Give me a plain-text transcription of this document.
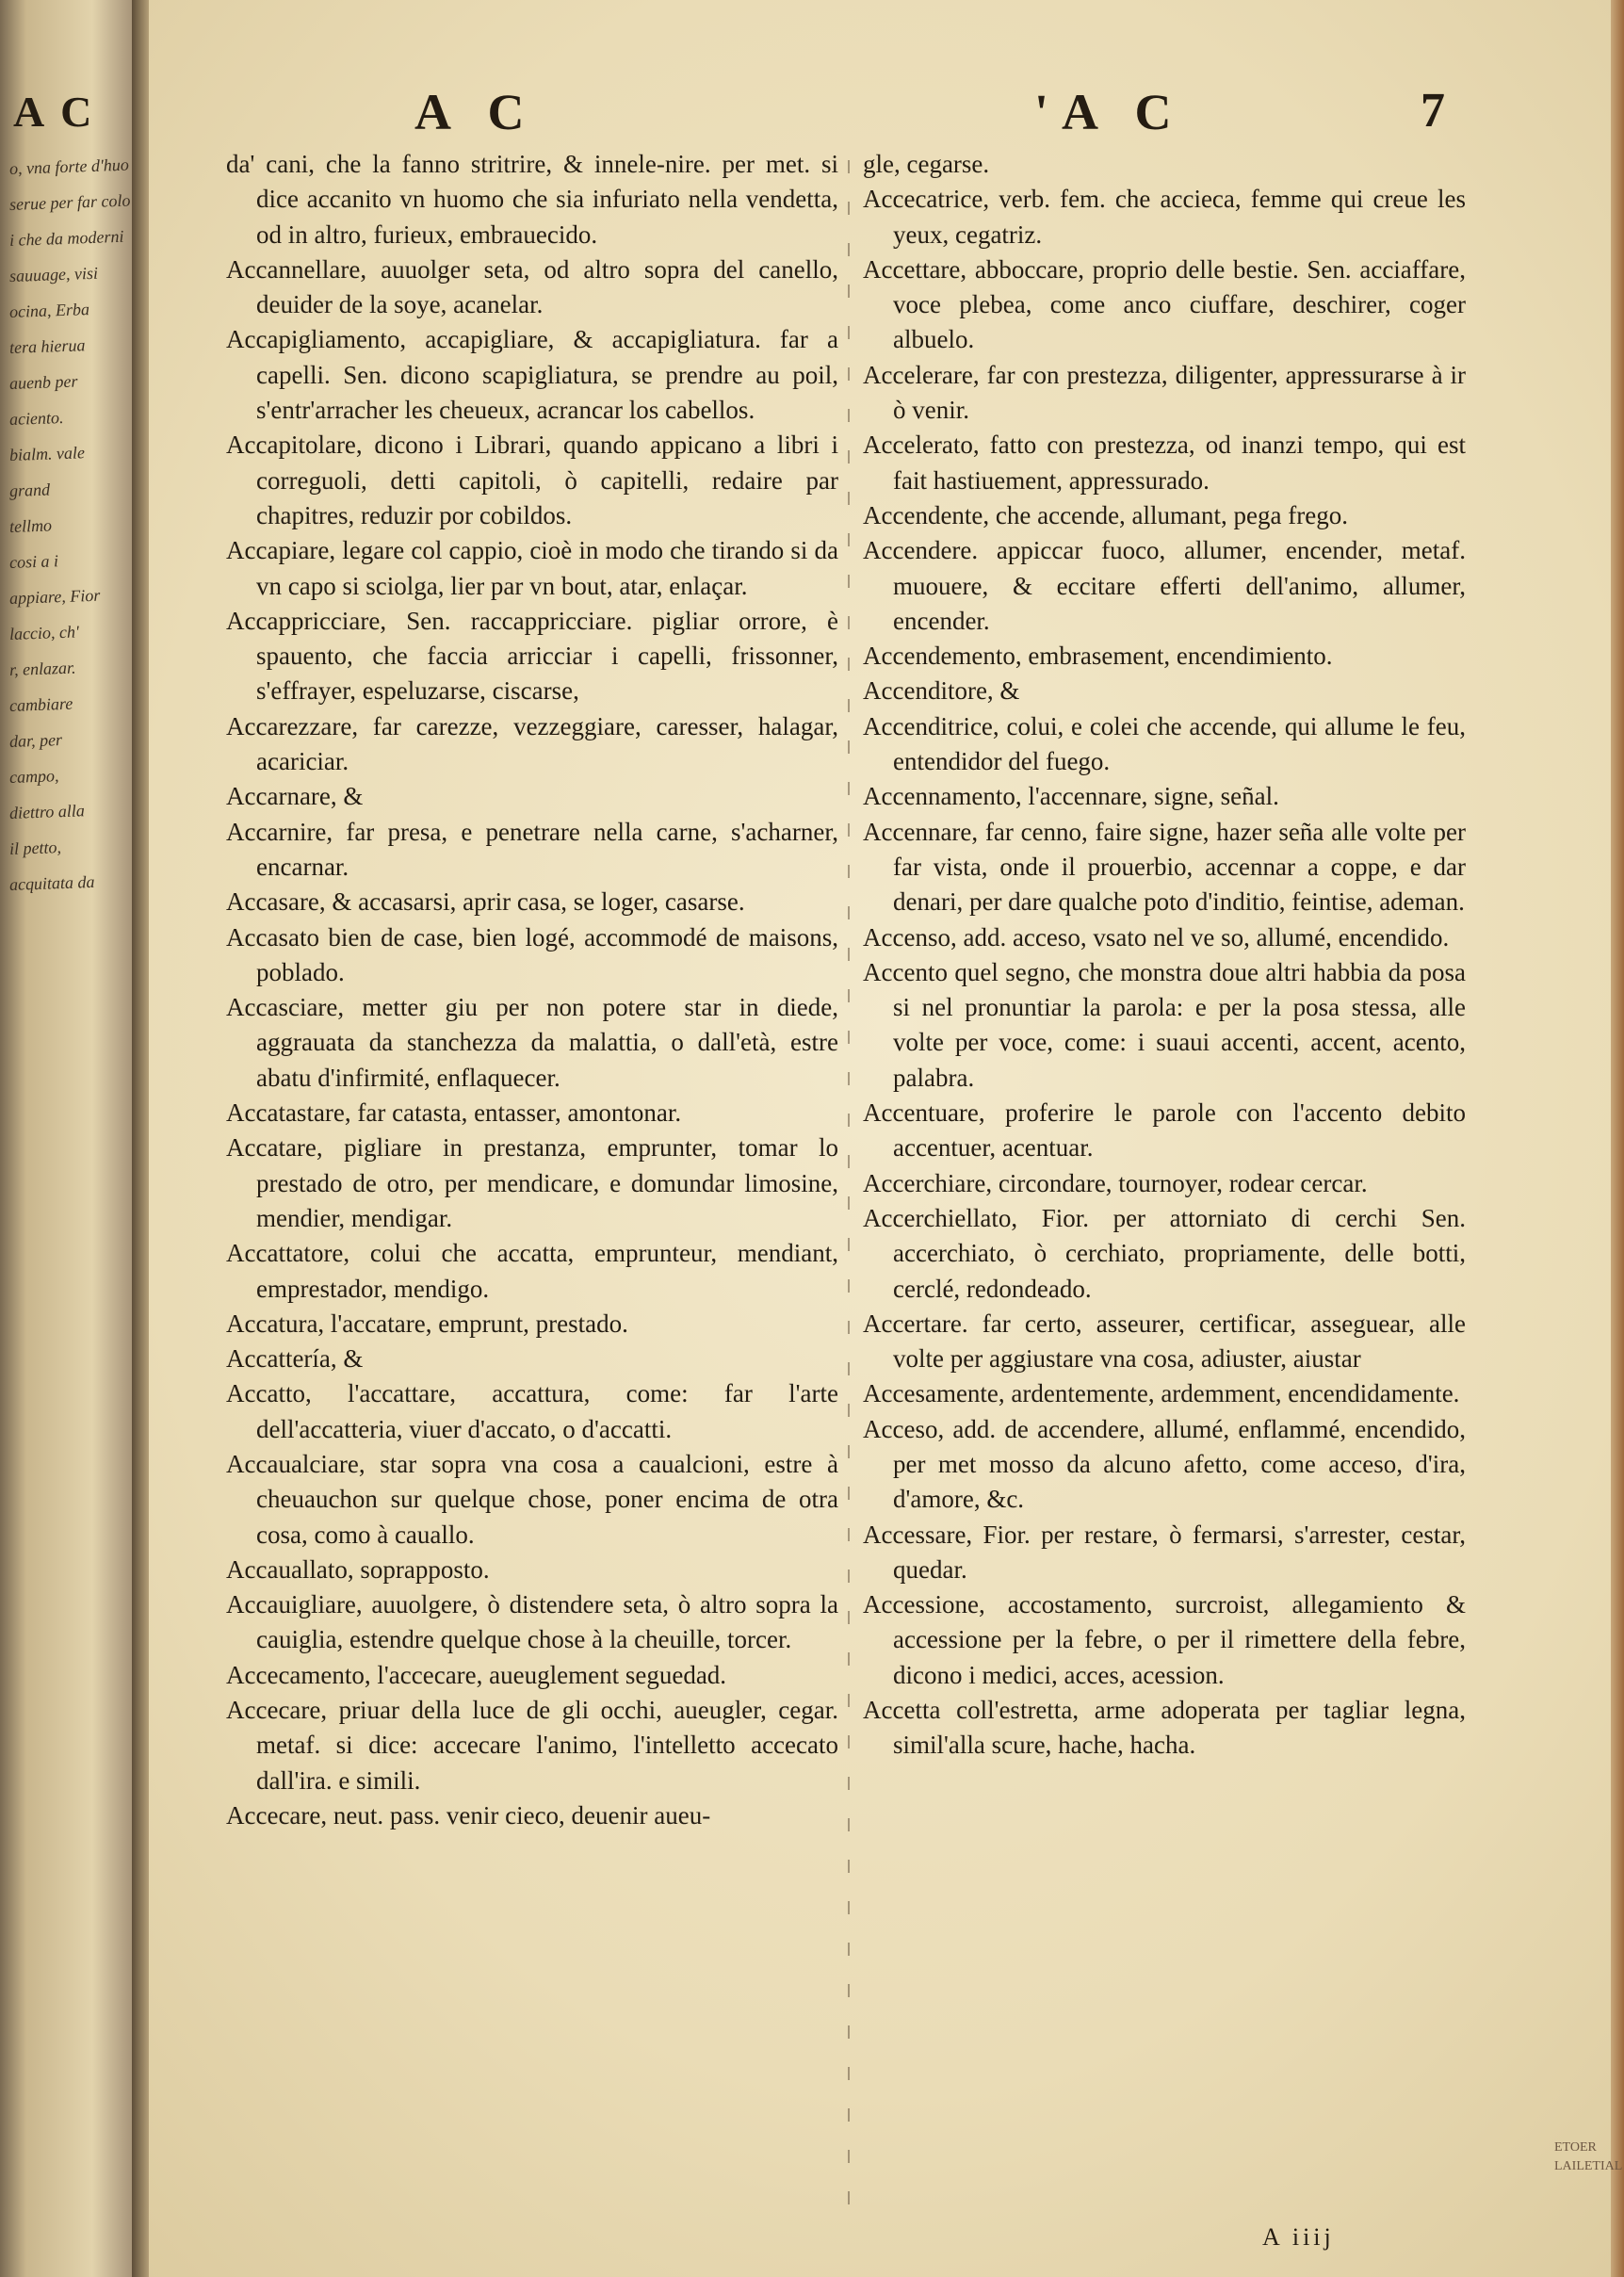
A C
o, vna forte d'huo
serue per far colo
i che da moderni
sauuage, visi
ocina, Erba
tera hierua
auenb per
aciento.
bialm. vale
grand
tellmo
cosi a i
appiare, Fior
laccio, ch'
r, enlazar.
cambiare
dar, per
campo,
diettro alla
il petto,
acquitata da
A C	'A C	7

da' cani, che la fanno stritrire, & innele-nire. per met. si dice accanito vn huomo che sia infuriato nella vendetta, od in altro, furieux, embrauecido.

Accannellare, auuolger seta, od altro sopra del canello, deuider de la soye, acanelar.

Accapigliamento, accapigliare, & accapigliatura. far a capelli. Sen. dicono scapigliatura, se prendre au poil, s'entr'arracher les cheueux, acrancar los cabellos.

Accapitolare, dicono i Librari, quando appicano a libri i correguoli, detti capitoli, ò capitelli, redaire par chapitres, reduzir por cobildos.

Accapiare, legare col cappio, cioè in modo che tirando si da vn capo si sciolga, lier par vn bout, atar, enlaçar.

Accappricciare, Sen. raccappricciare. pigliar orrore, è spauento, che faccia arricciar i capelli, frissonner, s'effrayer, espeluzarse, ciscarse,

Accarezzare, far carezze, vezzeggiare, caresser, halagar, acariciar.

Accarnare, &

Accarnire, far presa, e penetrare nella carne, s'acharner, encarnar.

Accasare, & accasarsi, aprir casa, se loger, casarse.

Accasato bien de case, bien logé, accommodé de maisons, poblado.

Accasciare, metter giu per non potere star in diede, aggrauata da stanchezza da malattia, o dall'età, estre abatu d'infirmité, enflaquecer.

Accatastare, far catasta, entasser, amontonar.

Accatare, pigliare in prestanza, emprunter, tomar lo prestado de otro, per mendicare, e domundar limosine, mendier, mendigar.

Accattatore, colui che accatta, emprunteur, mendiant, emprestador, mendigo.

Accatura, l'accatare, emprunt, prestado.

Accattería, &

Accatto, l'accattare, accattura, come: far l'arte dell'accatteria, viuer d'accato, o d'accatti.

Accaualciare, star sopra vna cosa a caualcioni, estre à cheuauchon sur quelque chose, poner encima de otra cosa, como à cauallo.

Accauallato, soprapposto.

Accauigliare, auuolgere, ò distendere seta, ò altro sopra la cauiglia, estendre quelque chose à la cheuille, torcer.

Accecamento, l'accecare, aueuglement seguedad.

Accecare, priuar della luce de gli occhi, aueugler, cegar. metaf. si dice: accecare l'animo, l'intelletto accecato dall'ira. e simili.

Accecare, neut. pass. venir cieco, deuenir aueu-

gle, cegarse.

Accecatrice, verb. fem. che accieca, femme qui creue les yeux, cegatriz.

Accettare, abboccare, proprio delle bestie. Sen. acciaffare, voce plebea, come anco ciuffare, deschirer, coger albuelo.

Accelerare, far con prestezza, diligenter, appressurarse à ir ò venir.

Accelerato, fatto con prestezza, od inanzi tempo, qui est fait hastiuement, appressurado.

Accendente, che accende, allumant, pega frego.

Accendere. appiccar fuoco, allumer, encender, metaf. muouere, & eccitare efferti dell'animo, allumer, encender.

Accendemento, embrasement, encendimiento.

Accenditore, &

Accenditrice, colui, e colei che accende, qui allume le feu, entendidor del fuego.

Accennamento, l'accennare, signe, señal.

Accennare, far cenno, faire signe, hazer seña alle volte per far vista, onde il prouerbio, accennar a coppe, e dar denari, per dare qualche poto d'inditio, feintise, ademan.

Accenso, add. acceso, vsato nel ve so, allumé, encendido.

Accento quel segno, che monstra doue altri habbia da posa si nel pronuntiar la parola: e per la posa stessa, alle volte per voce, come: i suaui accenti, accent, acento, palabra.

Accentuare, proferire le parole con l'accento debito accentuer, acentuar.

Accerchiare, circondare, tournoyer, rodear cercar.

Accerchiellato, Fior. per attorniato di cerchi Sen. accerchiato, ò cerchiato, propriamente, delle botti, cerclé, redondeado.

Accertare. far certo, asseurer, certificar, asseguear, alle volte per aggiustare vna cosa, adiuster, aiustar

Accesamente, ardentemente, ardemment, encendidamente.

Acceso, add. de accendere, allumé, enflammé, encendido, per met mosso da alcuno afetto, come acceso, d'ira, d'amore, &c.

Accessare, Fior. per restare, ò fermarsi, s'arrester, cestar, quedar.

Accessione, accostamento, surcroist, allegamiento & accessione per la febre, o per il rimettere della febre, dicono i medici, acces, acession.

Accetta coll'estretta, arme adoperata per tagliar legna, simil'alla scure, hache, hacha.

A iiij
ETOER
LAILETIAL
